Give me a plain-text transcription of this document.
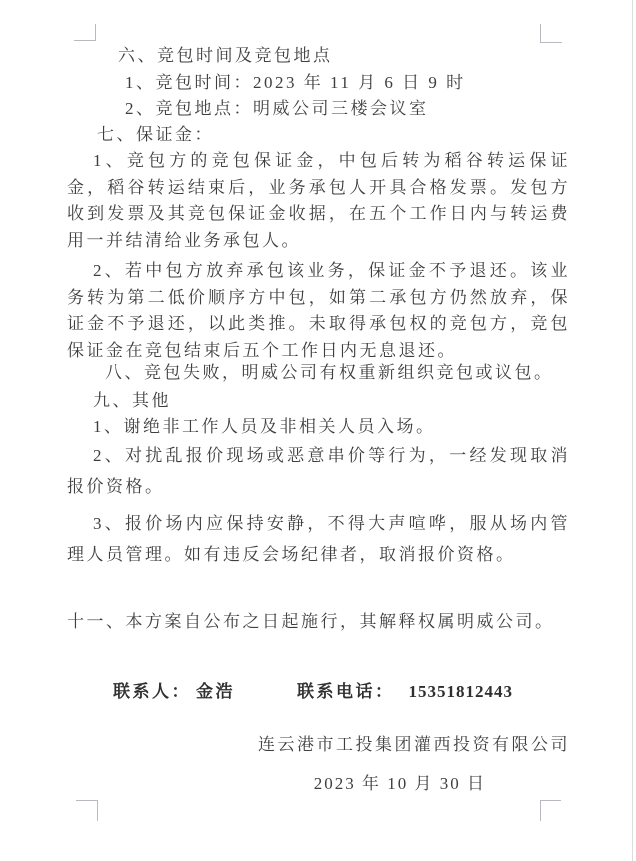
六、竞包时间及竞包地点
1、竞包时间：2023 年 11 月 6 日 9 时
2、竞包地点：明威公司三楼会议室
七、保证金：
1、竞包方的竞包保证金，中包后转为稻谷转运保证金，稻谷转运结束后，业务承包人开具合格发票。发包方收到发票及其竞包保证金收据，在五个工作日内与转运费用一并结清给业务承包人。
2、若中包方放弃承包该业务，保证金不予退还。该业务转为第二低价顺序方中包，如第二承包方仍然放弃，保证金不予退还，以此类推。未取得承包权的竞包方，竞包保证金在竞包结束后五个工作日内无息退还。
八、竞包失败，明威公司有权重新组织竞包或议包。
九、其他
1、谢绝非工作人员及非相关人员入场。
2、对扰乱报价现场或恶意串价等行为，一经发现取消报价资格。
3、报价场内应保持安静，不得大声喧哗，服从场内管理人员管理。如有违反会场纪律者，取消报价资格。
十一、本方案自公布之日起施行，其解释权属明威公司。
联系人： 金浩	联系电话： 15351812443
连云港市工投集团灌西投资有限公司
2023 年 10 月 30 日
